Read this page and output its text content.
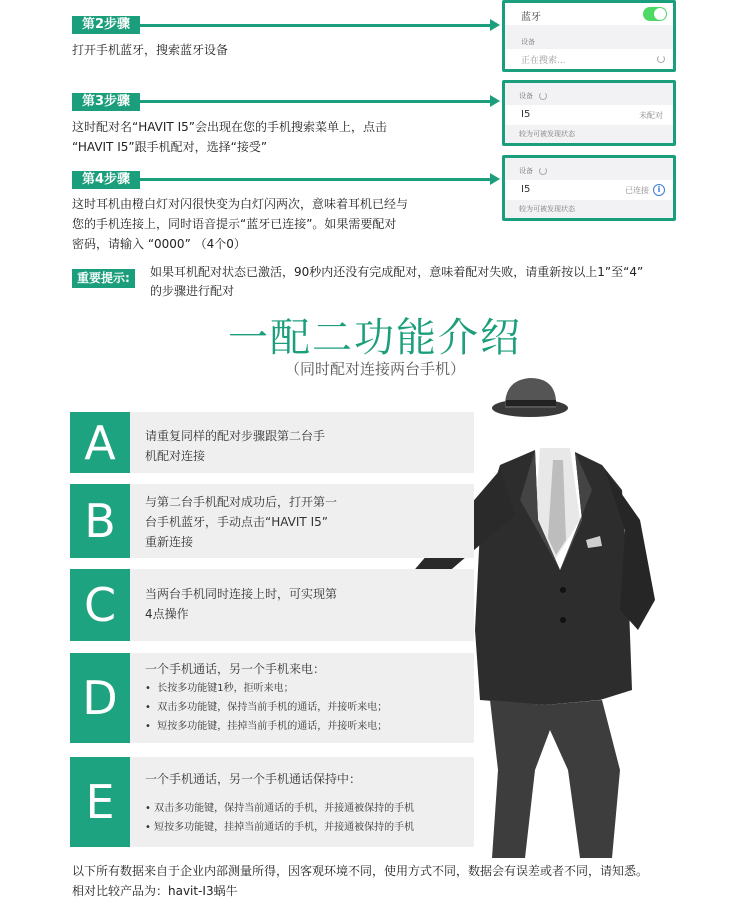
第2步骤
打开手机蓝牙，搜索蓝牙设备
蓝牙
设备
正在搜索...
第3步骤
这时配对名“HAVIT I5”会出现在您的手机搜索菜单上，点击
“HAVIT I5”跟手机配对，选择“接受”
设备
I5	未配对
较为可被发现状态
第4步骤
这时耳机由橙白灯对闪很快变为白灯闪两次，意味着耳机已经与
您的手机连接上，同时语音提示“蓝牙已连接”。如果需要配对
密码，请输入 “0000” （4个0）
设备
I5	已连接	i
较为可被发现状态
重要提示:	如果耳机配对状态已激活，90秒内还没有完成配对，意味着配对失败，请重新按以上1”至“4”
的步骤进行配对
一配二功能介绍
（同时配对连接两台手机）
A	请重复同样的配对步骤跟第二台手
机配对连接
B	与第二台手机配对成功后，打开第一
台手机蓝牙，手动点击“HAVIT I5”
重新连接
C	当两台手机同时连接上时，可实现第
4点操作
D
一个手机通话，另一个手机来电：
•  长按多功能键1秒，拒听来电；
•  双击多功能键，保持当前手机的通话，并接听来电；
•  短按多功能键，挂掉当前手机的通话，并接听来电；
E	一个手机通话，另一个手机通话保持中：
• 双击多功能键，保持当前通话的手机，并接通被保持的手机
• 短按多功能键，挂掉当前通话的手机，并接通被保持的手机
以下所有数据来自于企业内部测量所得，因客观环境不同，使用方式不同，数据会有误差或者不同，请知悉。
相对比较产品为：havit-I3蜗牛
